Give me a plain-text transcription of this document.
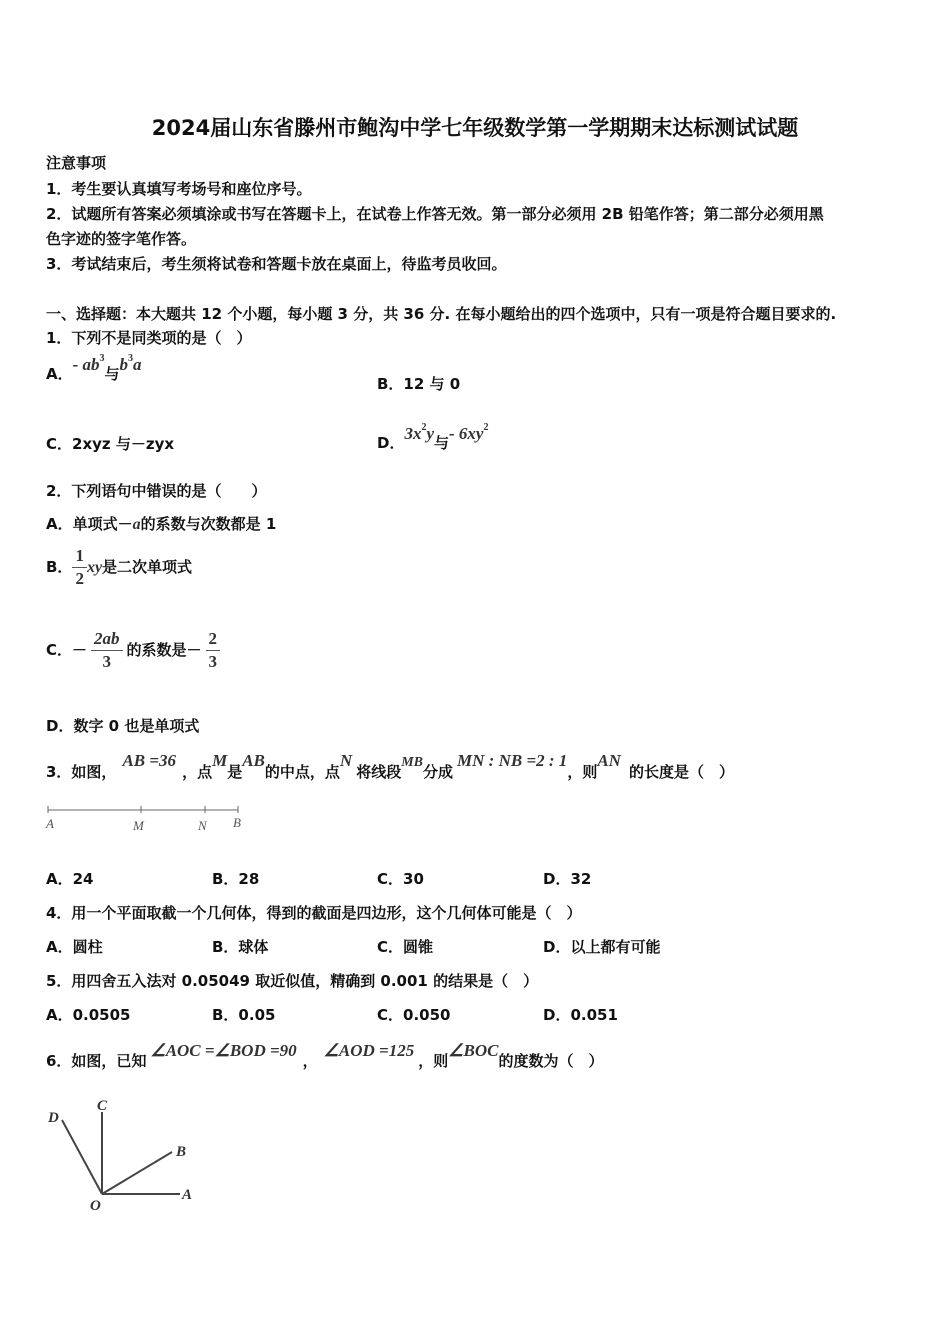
2024届山东省滕州市鲍沟中学七年级数学第一学期期末达标测试试题
注意事项
1．考生要认真填写考场号和座位序号。
2．试题所有答案必须填涂或书写在答题卡上，在试卷上作答无效。第一部分必须用 2B 铅笔作答；第二部分必须用黑
色字迹的签字笔作答。
3．考试结束后，考生须将试卷和答题卡放在桌面上，待监考员收回。
一、选择题：本大题共 12 个小题，每小题 3 分，共 36 分. 在每小题给出的四个选项中，只有一项是符合题目要求的.
1．下列不是同类项的是（　）
A．- $ab^3$与$b^3a$
B．12 与 0
C．2xyz 与－zyx	D．$3x^2y$与- $6xy^2$
2．下列语句中错误的是（　　）
A．单项式－a的系数与次数都是 1
B． $\frac{1}{2}$ xy是二次单项式
C．－ $\frac{2ab}{3}$ 的系数是－ $\frac{2}{3}$
D．数字 0 也是单项式
3．如图，AB =36，点M是AB的中点，点N将线段MB分成MN : NB =2 : 1，则AN的长度是（　）
A	M	N B
A．24	B．28	C．30	D．32
4．用一个平面取截一个几何体，得到的截面是四边形，这个几何体可能是（　）
A．圆柱	B．球体	C．圆锥	D．以上都有可能
5．用四舍五入法对 0.05049 取近似值，精确到 0.001 的结果是（　）
A．0.0505	B．0.05	C．0.050	D．0.051
6．如图，已知∠AOC =∠BOD =90，∠AOD =125，则∠BOC的度数为（　）
D
C
B
O
A
